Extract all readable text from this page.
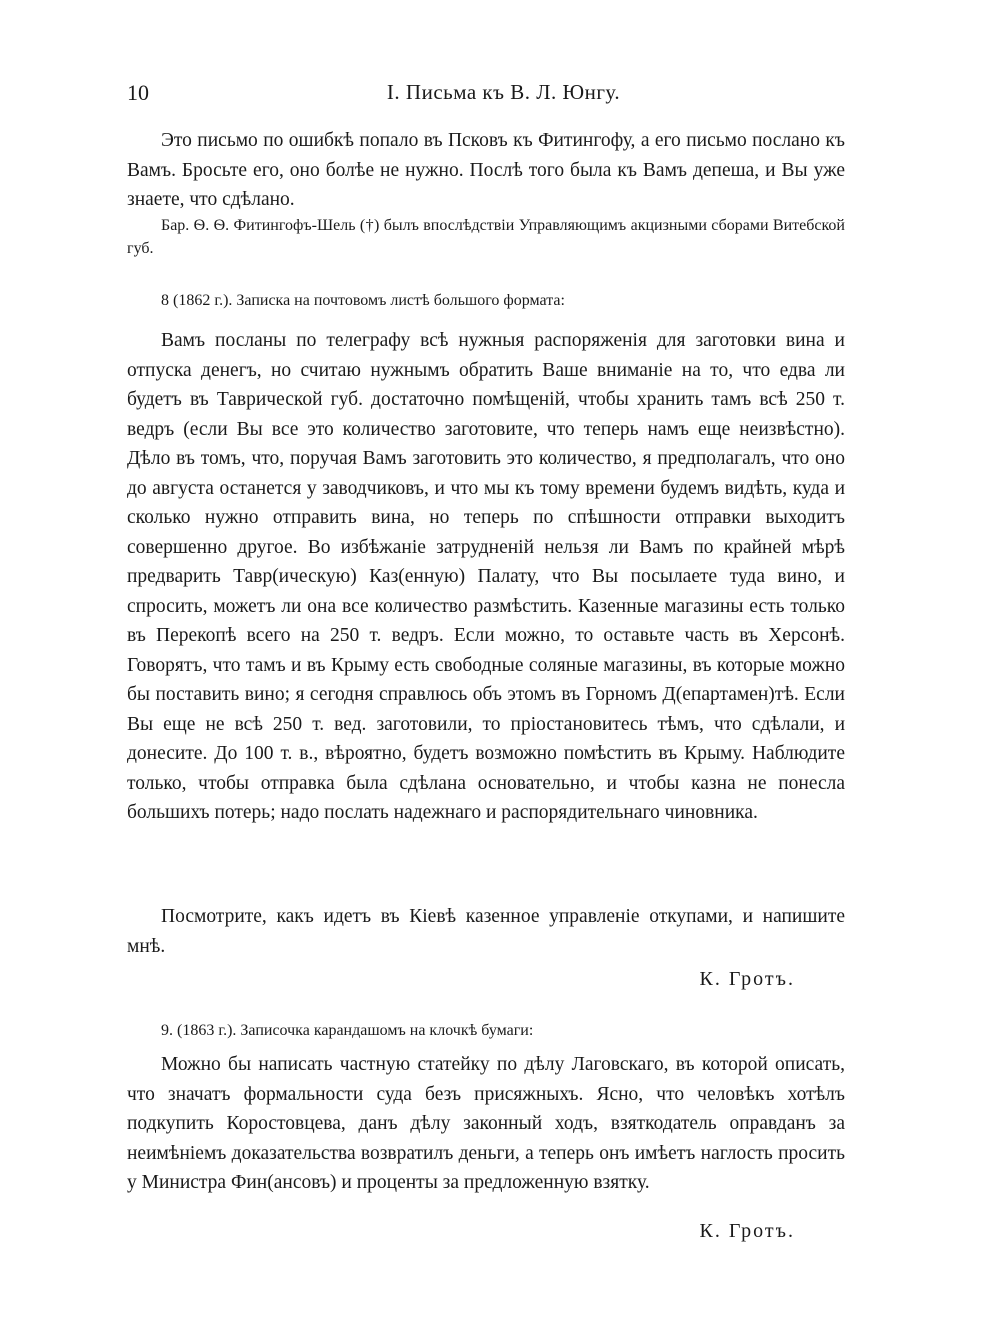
10	I. Письма къ В. Л. Юнгу.

Это письмо по ошибкѣ попало въ Псковъ къ Фитингофу, а его письмо послано къ Вамъ. Бросьте его, оно болѣе не нужно. Послѣ того была къ Вамъ депеша, и Вы уже знаете, что сдѣлано.

Бар. Ѳ. Ѳ. Фитингофъ-Шель (†) былъ впослѣдствіи Управляющимъ акцизными сборами Витебской губ.

8 (1862 г.). Записка на почтовомъ листѣ большого формата:

Вамъ посланы по телеграфу всѣ нужныя распоряженія для заготовки вина и отпуска денегъ, но считаю нужнымъ обратить Ваше вниманіе на то, что едва ли будетъ въ Таврической губ. достаточно помѣщеній, чтобы хранить тамъ всѣ 250 т. ведръ (если Вы все это количество заготовите, что теперь намъ еще неизвѣстно). Дѣло въ томъ, что, поручая Вамъ заготовить это количество, я предполагалъ, что оно до августа останется у заводчиковъ, и что мы къ тому времени будемъ видѣть, куда и сколько нужно отправить вина, но теперь по спѣшности отправки выходитъ совершенно другое. Во избѣжаніе затрудненій нельзя ли Вамъ по крайней мѣрѣ предварить Тавр(ическую) Каз(енную) Палату, что Вы посылаете туда вино, и спросить, можетъ ли она все количество размѣстить. Казенные магазины есть только въ Перекопѣ всего на 250 т. ведръ. Если можно, то оставьте часть въ Херсонѣ. Говорятъ, что тамъ и въ Крыму есть свободные соляные магазины, въ которые можно бы поставить вино; я сегодня справлюсь объ этомъ въ Горномъ Д(епартамен)тѣ. Если Вы еще не всѣ 250 т. вед. заготовили, то пріостановитесь тѣмъ, что сдѣлали, и донесите. До 100 т. в., вѣроятно, будетъ возможно помѣстить въ Крыму. Наблюдите только, чтобы отправка была сдѣлана основательно, и чтобы казна не понесла большихъ потерь; надо послать надежнаго и распорядительнаго чиновника.

Посмотрите, какъ идетъ въ Кіевѣ казенное управленіе откупами, и напишите мнѣ.

К. Гротъ.

9. (1863 г.). Записочка карандашомъ на клочкѣ бумаги:

Можно бы написать частную статейку по дѣлу Лаговскаго, въ которой описать, что значатъ формальности суда безъ присяжныхъ. Ясно, что человѣкъ хотѣлъ подкупить Коростовцева, данъ дѣлу законный ходъ, взяткодатель оправданъ за неимѣніемъ доказательства возвратилъ деньги, а теперь онъ имѣетъ наглость просить у Министра Фин(ансовъ) и проценты за предложенную взятку.

К. Гротъ.
